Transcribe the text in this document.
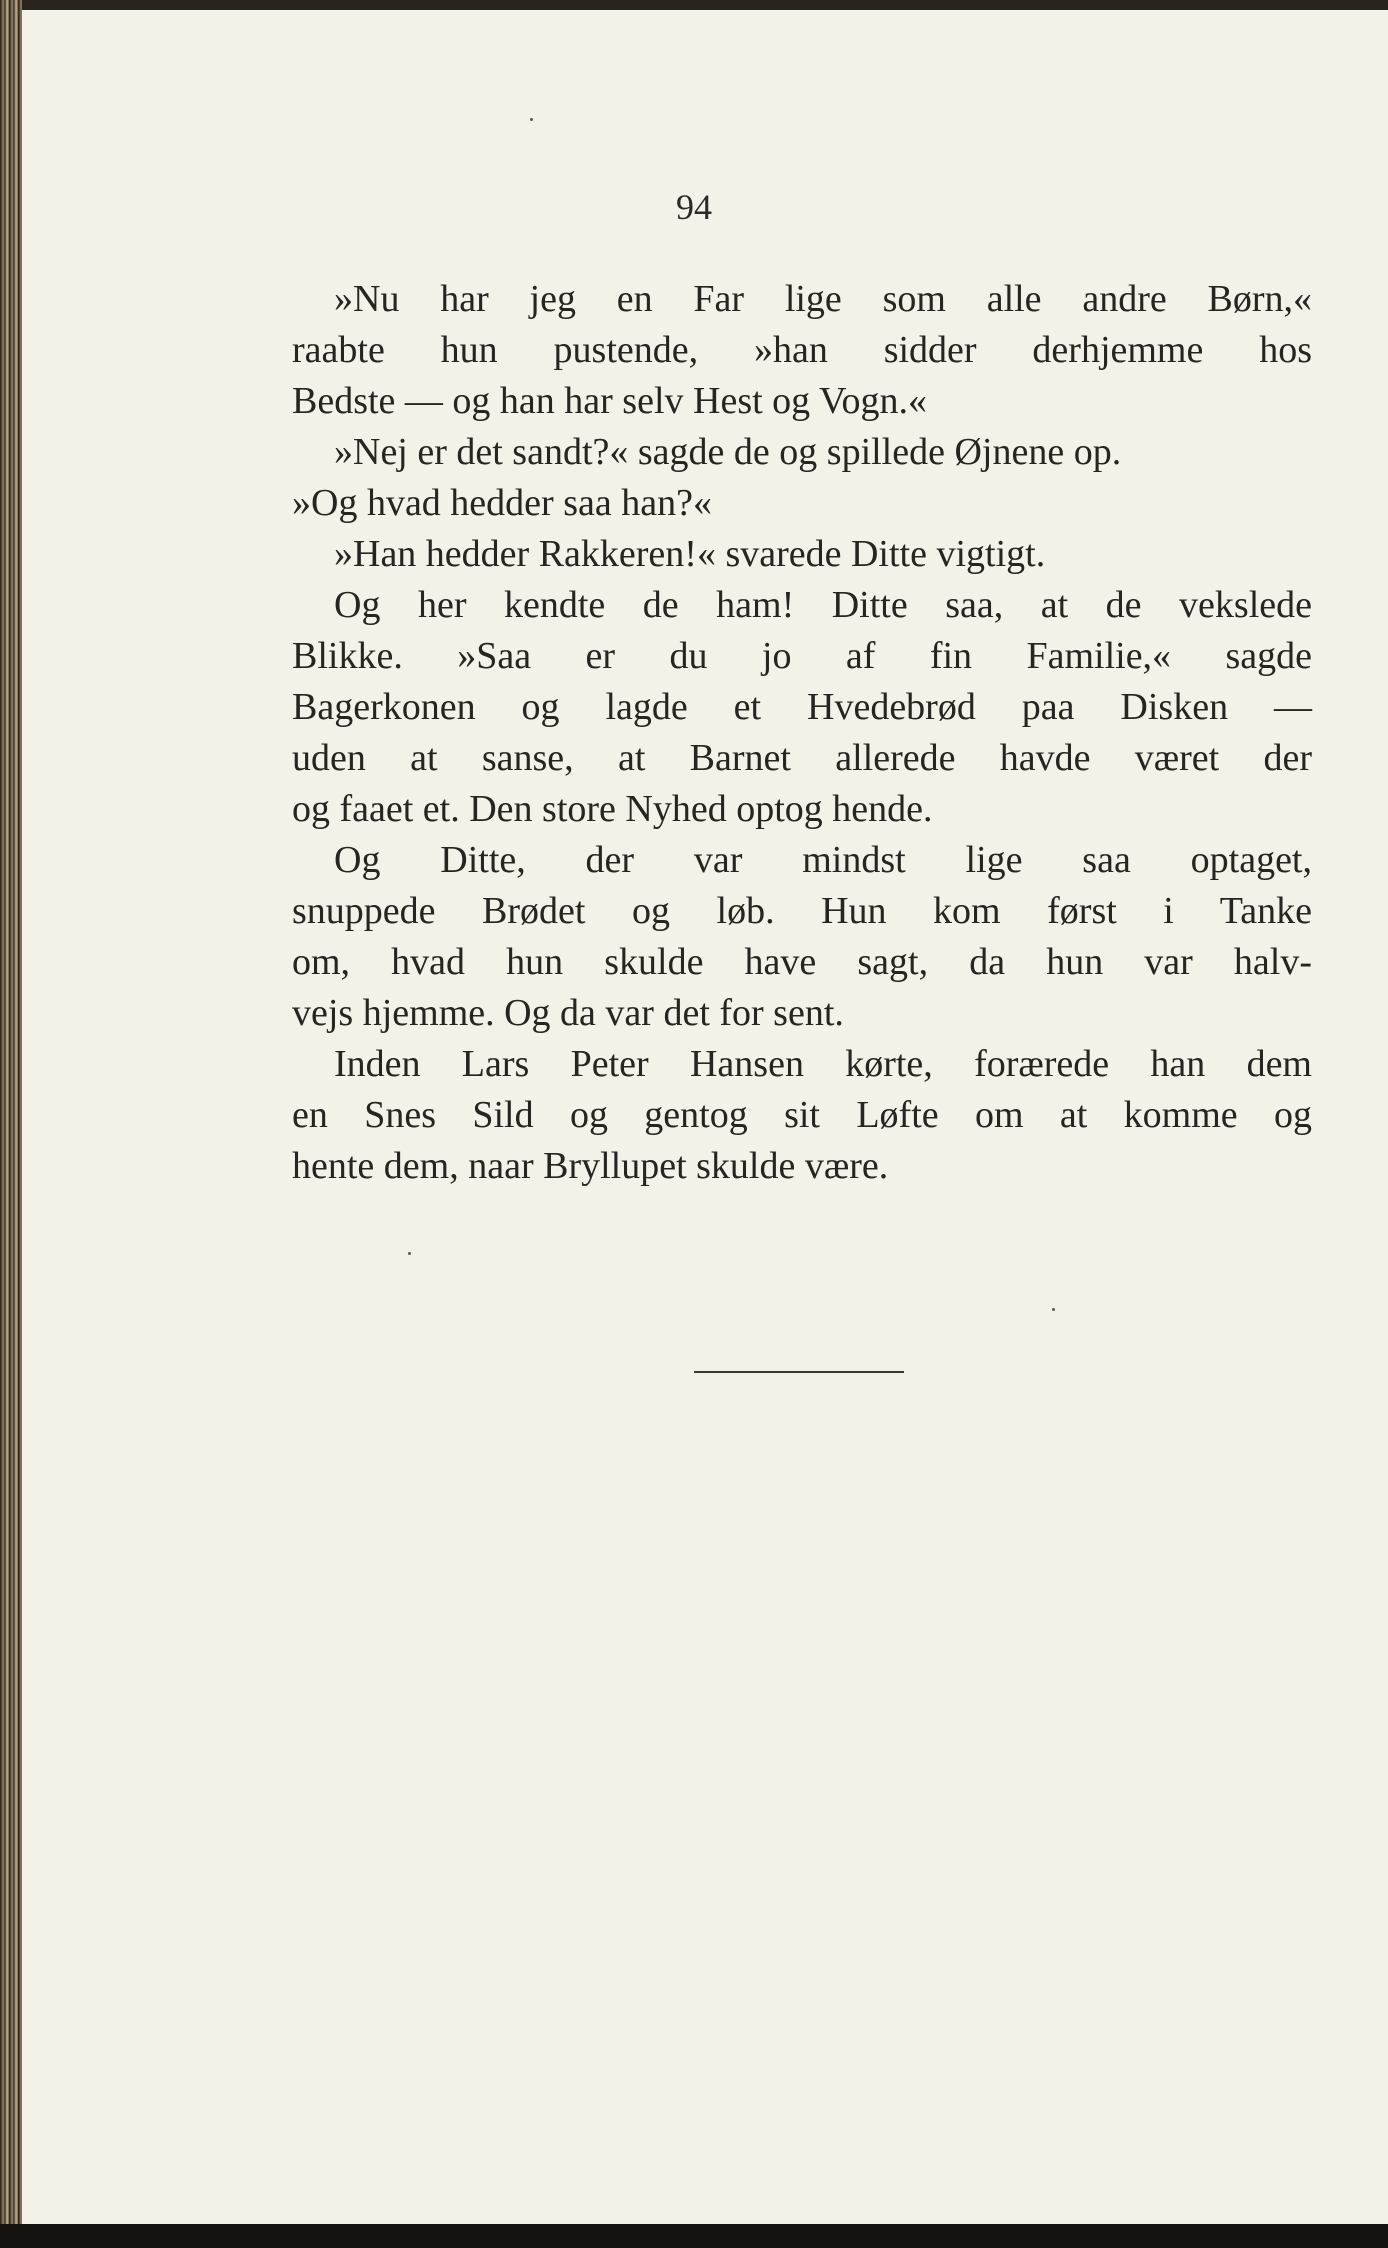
94
»Nu har jeg en Far lige som alle andre Børn,«
raabte hun pustende, »han sidder derhjemme hos
Bedste — og han har selv Hest og Vogn.«
»Nej er det sandt?« sagde de og spillede Øjnene op.
»Og hvad hedder saa han?«
»Han hedder Rakkeren!« svarede Ditte vigtigt.
Og her kendte de ham! Ditte saa, at de vekslede
Blikke. »Saa er du jo af fin Familie,« sagde
Bagerkonen og lagde et Hvedebrød paa Disken —
uden at sanse, at Barnet allerede havde været der
og faaet et. Den store Nyhed optog hende.
Og Ditte, der var mindst lige saa optaget,
snuppede Brødet og løb. Hun kom først i Tanke
om, hvad hun skulde have sagt, da hun var halv-
vejs hjemme. Og da var det for sent.
Inden Lars Peter Hansen kørte, forærede han dem
en Snes Sild og gentog sit Løfte om at komme og
hente dem, naar Bryllupet skulde være.
